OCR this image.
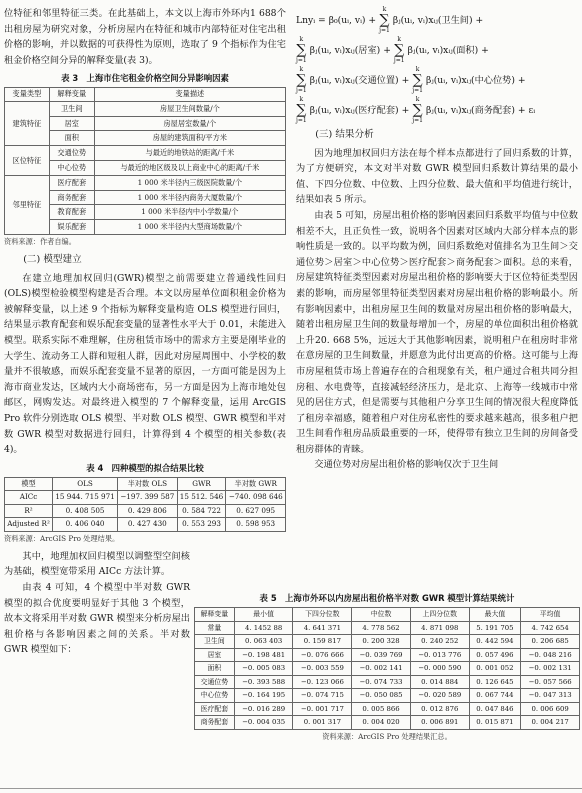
位特征和邻里特征三类。在此基础上，本文以上海市外环内1 688个出租房屋为研究对象，分析房屋内在特征和城市内部特征对住宅出租价格的影响，并以数据的可获得性为原则，选取了 9 个指标作为住宅租金价格空间分异的解释变量(表 3)。

表 3　上海市住宅租金价格空间分异影响因素
变量类型	解释变量	变量描述
建筑特征	卫生间	房屋卫生间数量/个
	居室	房屋居室数量/个
	面积	房屋的建筑面积/平方米
区位特征	交通位势	与最近的地铁站的距离/千米
	中心位势	与最近的地区级及以上商业中心的距离/千米
邻里特征	医疗配套	1 000 米半径内三级医院数量/个
	商务配套	1 000 米半径内商务大厦数量/个
	教育配套	1 000 米半径内中小学数量/个
	娱乐配套	1 000 米半径内大型商场数量/个
资料来源：作者自编。

(二) 模型建立

在建立地理加权回归(GWR)模型之前需要建立普通线性回归(OLS)模型检验模型构建是否合理。本文以房屋单位面积租金价格为被解释变量，以上述 9 个指标为解释变量构造 OLS 模型进行回归，结果显示教育配套和娱乐配套变量的显著性水平大于 0.01，未能进入模型。联系实际不难理解，住房租赁市场中的需求方主要是刚毕业的大学生、流动务工人群和短租人群，因此对房屋周围中、小学校的数量并不很敏感，而娱乐配套变量不显著的原因，一方面可能是因为上海市商业发达，区域内大小商场密布，另一方面是因为上海市地处包邮区，网购发达。对最终进入模型的 7 个解释变量，运用 ArcGIS Pro 软件分别选取 OLS 模型、半对数 OLS 模型、GWR 模型和半对数 GWR 模型对数据进行回归，计算得到 4 个模型的相关参数(表 4)。

表 4　四种模型的拟合结果比较
模型	OLS	半对数 OLS	GWR	半对数 GWR
AICc	15 944. 715 971	−197. 399 587	15 512. 546	−740. 098 646
R²	0. 408 505	0. 429 806	0. 584 722	0. 627 095
Adjusted R²	0. 406 040	0. 427 430	0. 553 293	0. 598 953
资料来源：ArcGIS Pro 处理结果。

其中，地理加权回归模型以调整型空间核为基础，模型宽带采用 AICc 方法计算。

由表 4 可知，4 个模型中半对数 GWR 模型的拟合优度要明显好于其他 3 个模型，故本文将采用半对数 GWR 模型来分析房屋出租价格与各影响因素之间的关系。半对数 GWR 模型如下：

Lnyᵢ = β₀(uᵢ, vᵢ) +
k
∑
j=1
βⱼ(uᵢ, vᵢ)xᵢⱼ(卫生间) +
k
∑
j=1
βⱼ(uᵢ, vᵢ)xᵢⱼ(居室) +
k
∑
j=1
βⱼ(uᵢ, vᵢ)xᵢⱼ(面积) +
k
∑
j=1
βⱼ(uᵢ, vᵢ)xᵢⱼ(交通位置) +
k
∑
j=1
βⱼ(uᵢ, vᵢ)xᵢⱼ(中心位势) +
k
∑
j=1
βⱼ(uᵢ, vᵢ)xᵢⱼ(医疗配套) +
k
∑
j=1
βⱼ(uᵢ, vᵢ)xᵢⱼ(商务配套) + εᵢ

(三) 结果分析

因为地理加权回归方法在每个样本点都进行了回归系数的计算，为了方便研究，本文对半对数 GWR 模型回归系数计算结果的最小值、下四分位数、中位数、上四分位数、最大值和平均值进行统计，结果如表 5 所示。

由表 5 可知，房屋出租价格的影响因素回归系数平均值与中位数相差不大，且正负性一致，说明各个因素对区域内大部分样本点的影响性质是一致的。以平均数为例，回归系数绝对值排名为卫生间＞交通位势＞居室＞中心位势＞医疗配套＞商务配套＞面积。总的来看，房屋建筑特征类型因素对房屋出租价格的影响要大于区位特征类型因素的影响，而房屋邻里特征类型因素对房屋出租价格的影响最小。所有影响因素中，出租房屋卫生间的数量对房屋出租价格的影响最大，随着出租房屋卫生间的数量每增加一个，房屋的单位面积出租价格就上升20. 668 5%，远远大于其他影响因素，说明租户在租房时非常在意房屋的卫生间数量，并愿意为此付出更高的价格。这可能与上海市房屋租赁市场上普遍存在的合租现象有关，租户通过合租共同分担房租、水电费等，直接减轻经济压力，是北京、上海等一线城市中常见的居住方式，但是需要与其他租户分享卫生间的情况很大程度降低了租房幸福感，随着租户对住房私密性的要求越来越高，很多租户把卫生间看作租房品质最重要的一环，使得带有独立卫生间的房间备受租房群体的青睐。

交通位势对房屋出租价格的影响仅次于卫生间

表 5　上海市外环以内房屋出租价格半对数 GWR 模型计算结果统计
解释变量	最小值	下四分位数	中位数	上四分位数	最大值	平均值
常量	4. 1452 88	4. 641 371	4. 778 562	4. 871 098	5. 191 705	4. 742 654
卫生间	0. 063 403	0. 159 817	0. 200 328	0. 240 252	0. 442 594	0. 206 685
居室	−0. 198 481	−0. 076 666	−0. 039 769	−0. 013 776	0. 057 496	−0. 048 216
面积	−0. 005 083	−0. 003 559	−0. 002 141	−0. 000 590	0. 001 052	−0. 002 131
交通位势	−0. 393 588	−0. 123 066	−0. 074 733	0. 014 884	0. 126 645	−0. 057 566
中心位势	−0. 164 195	−0. 074 715	−0. 050 085	−0. 020 589	0. 067 744	−0. 047 313
医疗配套	−0. 016 289	−0. 001 717	0. 005 866	0. 012 876	0. 047 846	0. 006 609
商务配套	−0. 004 035	0. 001 317	0. 004 020	0. 006 891	0. 015 871	0. 004 217
资料来源：ArcGIS Pro 处理结果汇总。
